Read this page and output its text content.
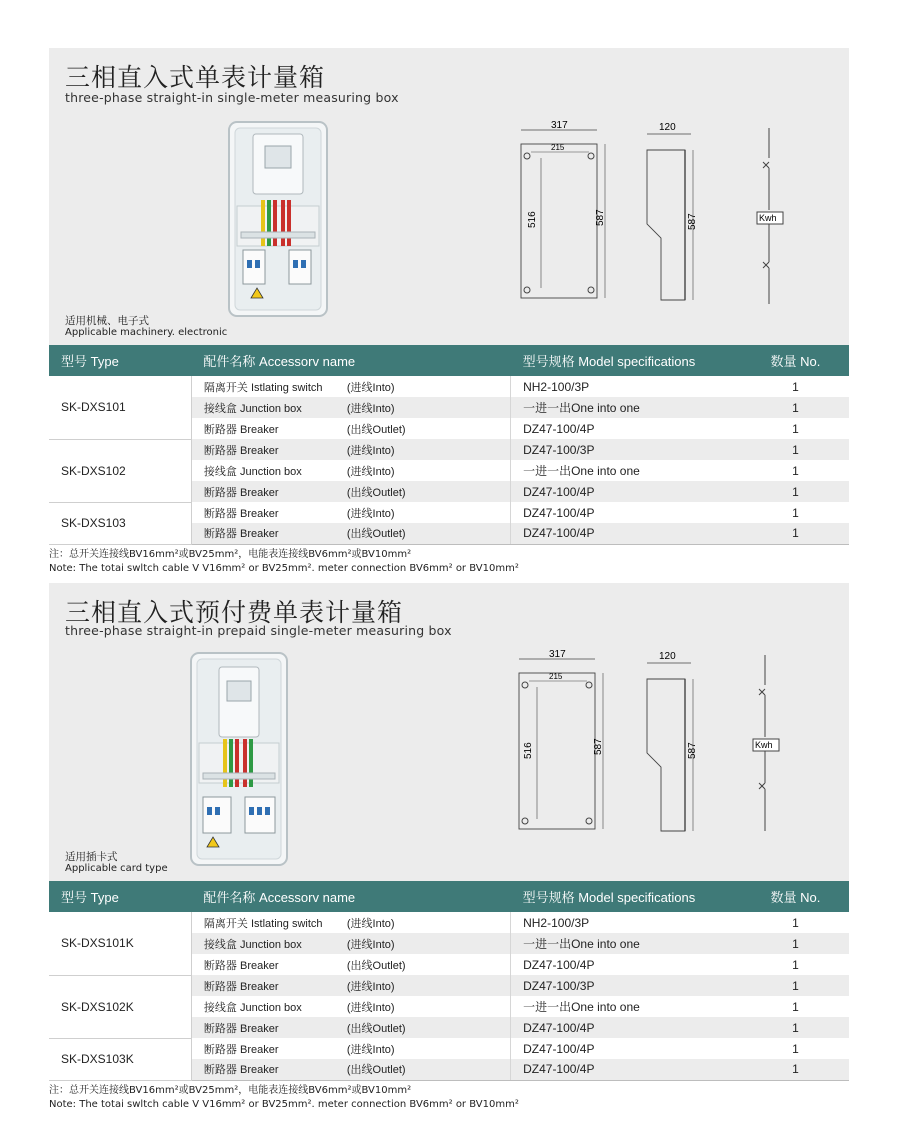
三相直入式单表计量箱
three-phase straight-in single-meter measuring box
适用机械、电子式
Applicable machinery. electronic
317
215
516	587
120
587	Kwh
型号 Type	配件名称 Accessorv name		型号规格 Model specifications	数量 No.
SK-DXS101	隔离开关 Istlating switch	(进线Into)	NH2-100/3P	1
	接线盒 Junction box	(进线Into)	一进一出One into one	1
	断路器 Breaker	(出线Outlet)	DZ47-100/4P	1
SK-DXS102	断路器 Breaker	(进线Into)	DZ47-100/3P	1
	接线盒 Junction box	(进线Into)	一进一出One into one	1
	断路器 Breaker	(出线Outlet)	DZ47-100/4P	1
SK-DXS103	断路器 Breaker	(进线Into)	DZ47-100/4P	1
	断路器 Breaker	(出线Outlet)	DZ47-100/4P	1
注：总开关连接线BV16mm²或BV25mm²，电能表连接线BV6mm²或BV10mm²
Note: The totai swltch cable V V16mm² or BV25mm². meter connection BV6mm² or BV10mm²
三相直入式预付费单表计量箱
three-phase straight-in prepaid single-meter measuring box
适用插卡式
Applicable card type
317
215
516	587
120
587	Kwh
型号 Type	配件名称 Accessorv name		型号规格 Model specifications	数量 No.
SK-DXS101K	隔离开关 Istlating switch	(进线Into)	NH2-100/3P	1
	接线盒 Junction box	(进线Into)	一进一出One into one	1
	断路器 Breaker	(出线Outlet)	DZ47-100/4P	1
SK-DXS102K	断路器 Breaker	(进线Into)	DZ47-100/3P	1
	接线盒 Junction box	(进线Into)	一进一出One into one	1
	断路器 Breaker	(出线Outlet)	DZ47-100/4P	1
SK-DXS103K	断路器 Breaker	(进线Into)	DZ47-100/4P	1
	断路器 Breaker	(出线Outlet)	DZ47-100/4P	1
注：总开关连接线BV16mm²或BV25mm²，电能表连接线BV6mm²或BV10mm²
Note: The totai swltch cable V V16mm² or BV25mm². meter connection BV6mm² or BV10mm²
